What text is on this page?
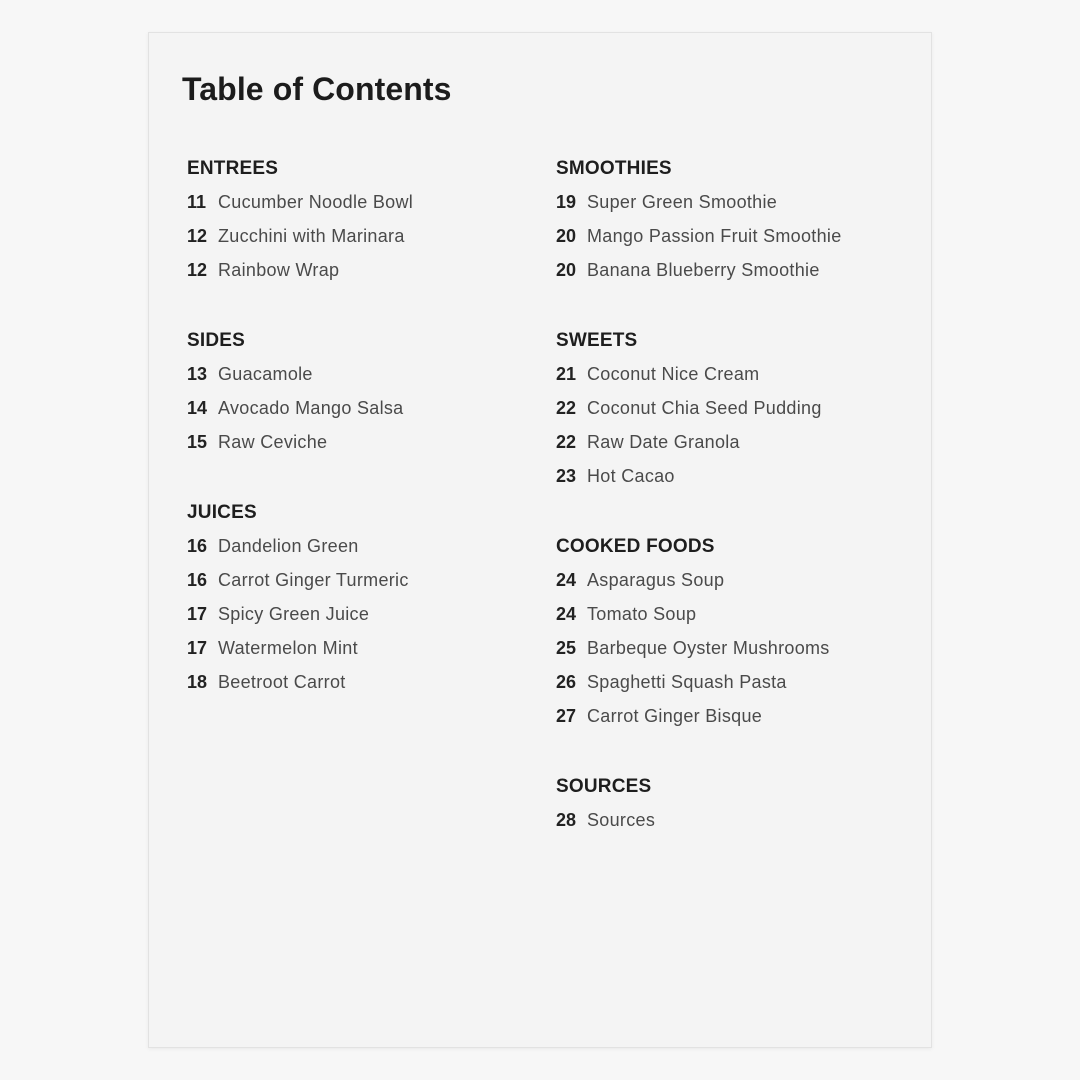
Table of Contents
ENTREES
11 Cucumber Noodle Bowl
12 Zucchini with Marinara
12 Rainbow Wrap
SIDES
13 Guacamole
14 Avocado Mango Salsa
15 Raw Ceviche
JUICES
16 Dandelion Green
16 Carrot Ginger Turmeric
17 Spicy Green Juice
17 Watermelon Mint
18 Beetroot Carrot
SMOOTHIES
19 Super Green Smoothie
20 Mango Passion Fruit Smoothie
20 Banana Blueberry Smoothie
SWEETS
21 Coconut Nice Cream
22 Coconut Chia Seed Pudding
22 Raw Date Granola
23 Hot Cacao
COOKED FOODS
24 Asparagus Soup
24 Tomato Soup
25 Barbeque Oyster Mushrooms
26 Spaghetti Squash Pasta
27 Carrot Ginger Bisque
SOURCES
28 Sources
